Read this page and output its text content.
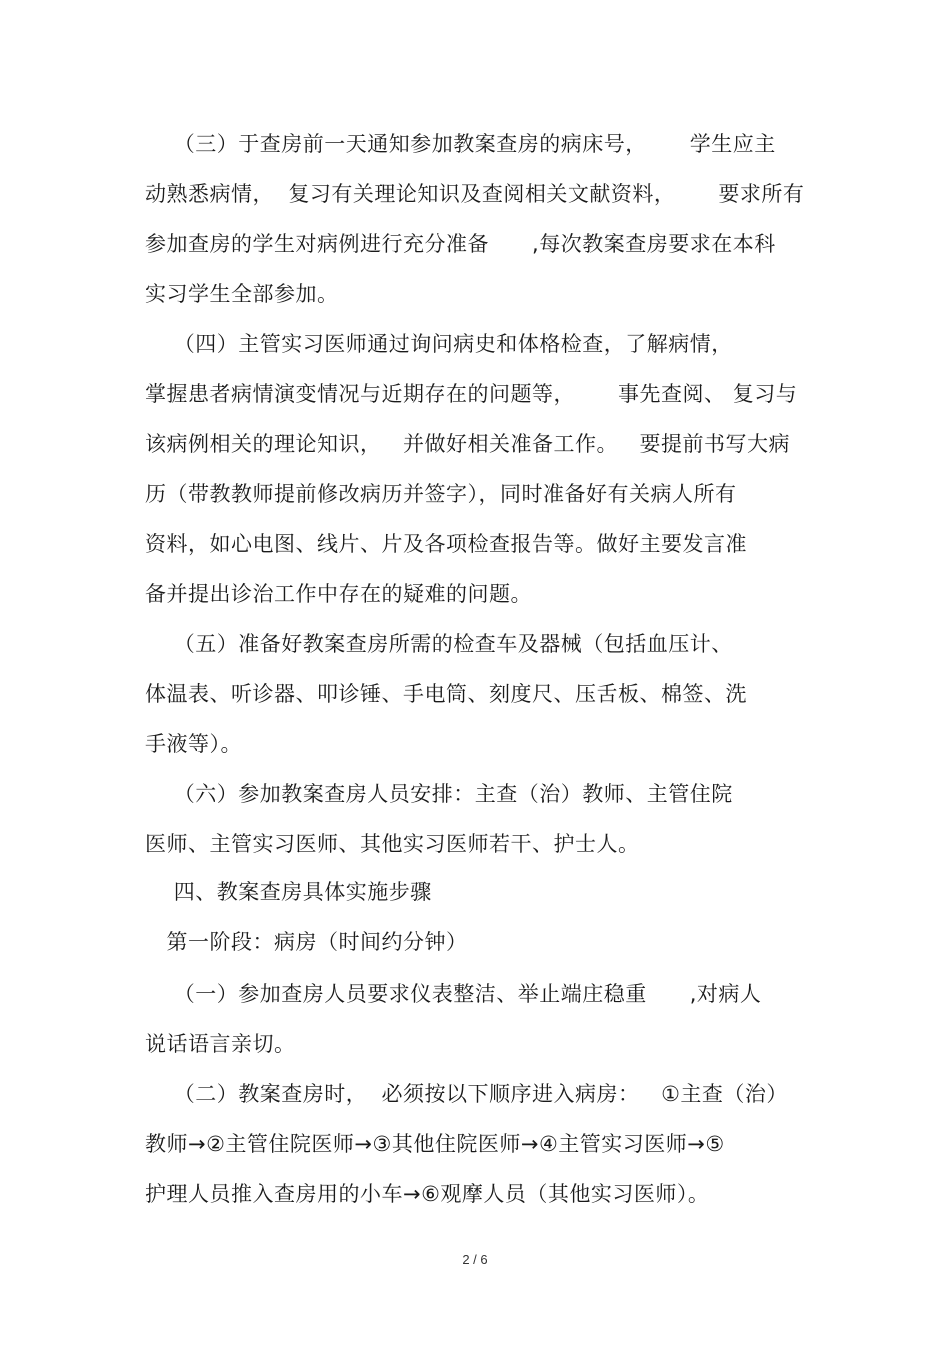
（三）于查房前一天通知参加教案查房的病床号，      学生应主
动熟悉病情，  复习有关理论知识及查阅相关文献资料，      要求所有
参加查房的学生对病例进行充分准备      ,每次教案查房要求在本科
实习学生全部参加。
（四）主管实习医师通过询问病史和体格检查，了解病情，
掌握患者病情演变情况与近期存在的问题等，      事先查阅、 复习与
该病例相关的理论知识，   并做好相关准备工作。   要提前书写大病
历（带教教师提前修改病历并签字），同时准备好有关病人所有
资料，如心电图、线片、片及各项检查报告等。做好主要发言准
备并提出诊治工作中存在的疑难的问题。
（五）准备好教案查房所需的检查车及器械（包括血压计、
体温表、听诊器、叩诊锤、手电筒、刻度尺、压舌板、棉签、洗
手液等）。
（六）参加教案查房人员安排：主查（治）教师、主管住院
医师、主管实习医师、其他实习医师若干、护士人。
四、教案查房具体实施步骤
第一阶段：病房（时间约分钟）
（一）参加查房人员要求仪表整洁、举止端庄稳重      ,对病人
说话语言亲切。
（二）教案查房时，  必须按以下顺序进入病房：   ①主查（治）
教师→②主管住院医师→③其他住院医师→④主管实习医师→⑤
护理人员推入查房用的小车→⑥观摩人员（其他实习医师）。
2 / 6
